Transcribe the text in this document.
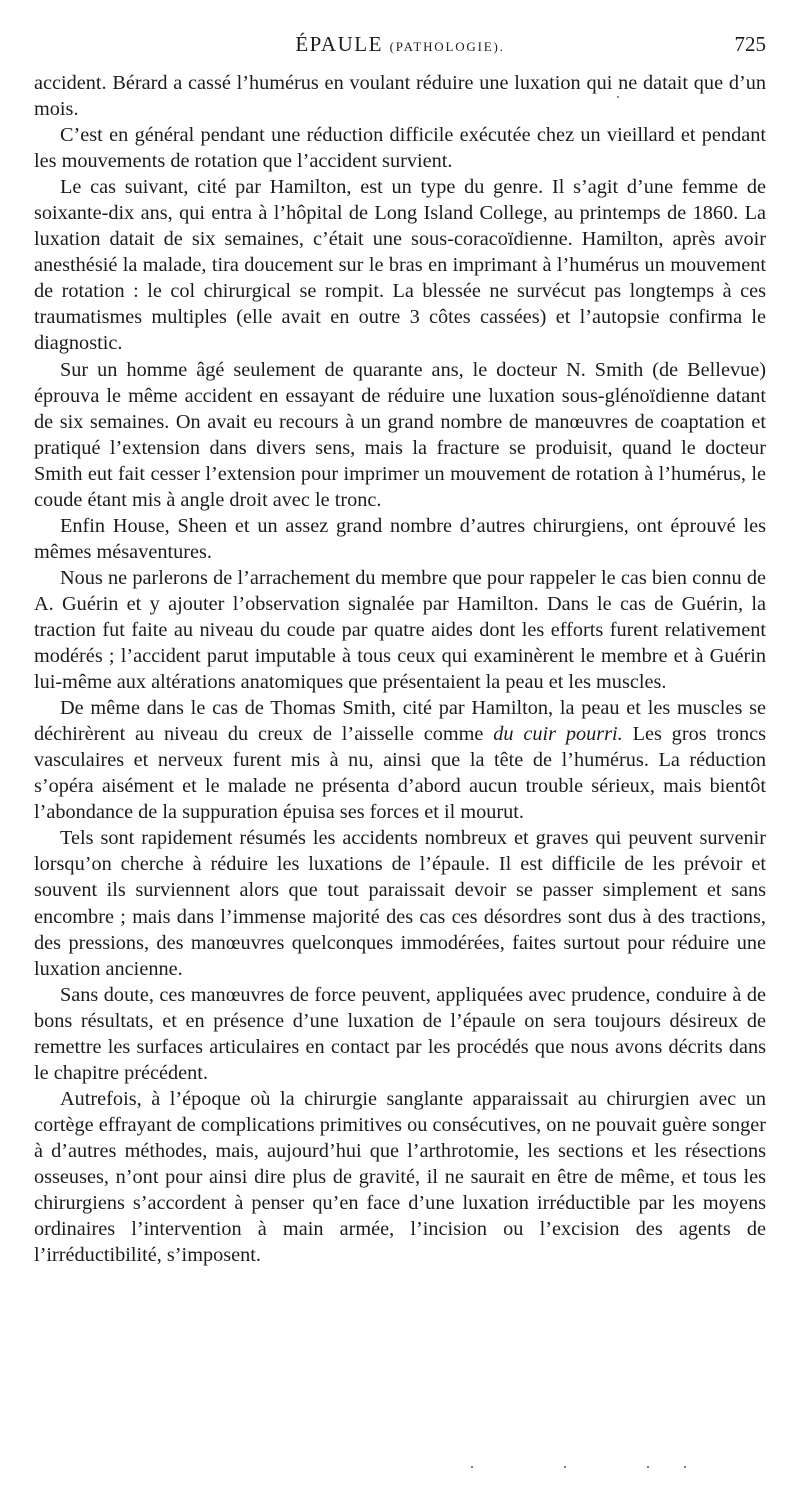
ÉPAULE (PATHOLOGIE).	725

accident. Bérard a cassé l’humérus en voulant réduire une luxation qui ne datait que d’un mois.

C’est en général pendant une réduction difficile exécutée chez un vieillard et pendant les mouvements de rotation que l’accident survient.

Le cas suivant, cité par Hamilton, est un type du genre. Il s’agit d’une femme de soixante-dix ans, qui entra à l’hôpital de Long Island College, au printemps de 1860. La luxation datait de six semaines, c’était une sous-coracoïdienne. Hamilton, après avoir anesthésié la malade, tira doucement sur le bras en imprimant à l’humérus un mouvement de rotation : le col chirurgical se rompit. La blessée ne survécut pas longtemps à ces traumatismes multiples (elle avait en outre 3 côtes cassées) et l’autopsie confirma le diagnostic.

Sur un homme âgé seulement de quarante ans, le docteur N. Smith (de Bellevue) éprouva le même accident en essayant de réduire une luxation sous-glénoïdienne datant de six semaines. On avait eu recours à un grand nombre de manœuvres de coaptation et pratiqué l’extension dans divers sens, mais la fracture se produisit, quand le docteur Smith eut fait cesser l’extension pour imprimer un mouvement de rotation à l’humérus, le coude étant mis à angle droit avec le tronc.

Enfin House, Sheen et un assez grand nombre d’autres chirurgiens, ont éprouvé les mêmes mésaventures.

Nous ne parlerons de l’arrachement du membre que pour rappeler le cas bien connu de A. Guérin et y ajouter l’observation signalée par Hamilton. Dans le cas de Guérin, la traction fut faite au niveau du coude par quatre aides dont les efforts furent relativement modérés ; l’accident parut imputable à tous ceux qui examinèrent le membre et à Guérin lui-même aux altérations anatomiques que présentaient la peau et les muscles.

De même dans le cas de Thomas Smith, cité par Hamilton, la peau et les muscles se déchirèrent au niveau du creux de l’aisselle comme du cuir pourri. Les gros troncs vasculaires et nerveux furent mis à nu, ainsi que la tête de l’humérus. La réduction s’opéra aisément et le malade ne présenta d’abord aucun trouble sérieux, mais bientôt l’abondance de la suppuration épuisa ses forces et il mourut.

Tels sont rapidement résumés les accidents nombreux et graves qui peuvent survenir lorsqu’on cherche à réduire les luxations de l’épaule. Il est difficile de les prévoir et souvent ils surviennent alors que tout paraissait devoir se passer simplement et sans encombre ; mais dans l’immense majorité des cas ces désordres sont dus à des tractions, des pressions, des manœuvres quelconques immodérées, faites surtout pour réduire une luxation ancienne.

Sans doute, ces manœuvres de force peuvent, appliquées avec prudence, conduire à de bons résultats, et en présence d’une luxation de l’épaule on sera toujours désireux de remettre les surfaces articulaires en contact par les procédés que nous avons décrits dans le chapitre précédent.

Autrefois, à l’époque où la chirurgie sanglante apparaissait au chirurgien avec un cortège effrayant de complications primitives ou consécutives, on ne pouvait guère songer à d’autres méthodes, mais, aujourd’hui que l’arthrotomie, les sections et les résections osseuses, n’ont pour ainsi dire plus de gravité, il ne saurait en être de même, et tous les chirurgiens s’accordent à penser qu’en face d’une luxation irréductible par les moyens ordinaires l’intervention à main armée, l’incision ou l’excision des agents de l’irréductibilité, s’imposent.
